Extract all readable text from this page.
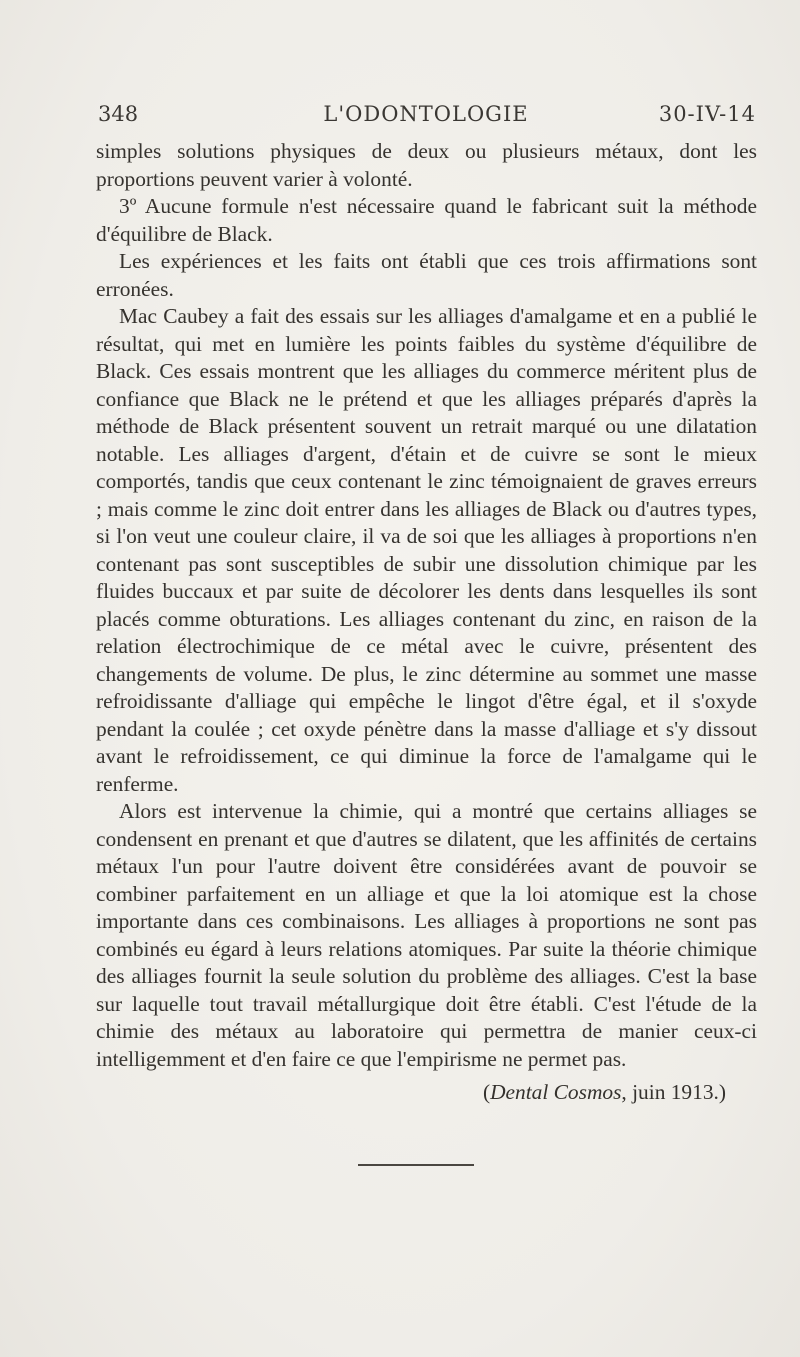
348	L'ODONTOLOGIE	30-IV-14

simples solutions physiques de deux ou plusieurs métaux, dont les proportions peuvent varier à volonté.

3º Aucune formule n'est nécessaire quand le fabricant suit la méthode d'équilibre de Black.

Les expériences et les faits ont établi que ces trois affirmations sont erronées.

Mac Caubey a fait des essais sur les alliages d'amalgame et en a publié le résultat, qui met en lumière les points faibles du système d'équilibre de Black. Ces essais montrent que les alliages du commerce méritent plus de confiance que Black ne le prétend et que les alliages préparés d'après la méthode de Black présentent souvent un retrait marqué ou une dilatation notable. Les alliages d'argent, d'étain et de cuivre se sont le mieux comportés, tandis que ceux contenant le zinc témoignaient de graves erreurs ; mais comme le zinc doit entrer dans les alliages de Black ou d'autres types, si l'on veut une couleur claire, il va de soi que les alliages à proportions n'en contenant pas sont susceptibles de subir une dissolution chimique par les fluides buccaux et par suite de décolorer les dents dans lesquelles ils sont placés comme obturations. Les alliages contenant du zinc, en raison de la relation électrochimique de ce métal avec le cuivre, présentent des changements de volume. De plus, le zinc détermine au sommet une masse refroidissante d'alliage qui empêche le lingot d'être égal, et il s'oxyde pendant la coulée ; cet oxyde pénètre dans la masse d'alliage et s'y dissout avant le refroidissement, ce qui diminue la force de l'amalgame qui le renferme.

Alors est intervenue la chimie, qui a montré que certains alliages se condensent en prenant et que d'autres se dilatent, que les affinités de certains métaux l'un pour l'autre doivent être considérées avant de pouvoir se combiner parfaitement en un alliage et que la loi atomique est la chose importante dans ces combinaisons. Les alliages à proportions ne sont pas combinés eu égard à leurs relations atomiques. Par suite la théorie chimique des alliages fournit la seule solution du problème des alliages. C'est la base sur laquelle tout travail métallurgique doit être établi. C'est l'étude de la chimie des métaux au laboratoire qui permettra de manier ceux-ci intelligemment et d'en faire ce que l'empirisme ne permet pas.

(Dental Cosmos, juin 1913.)
